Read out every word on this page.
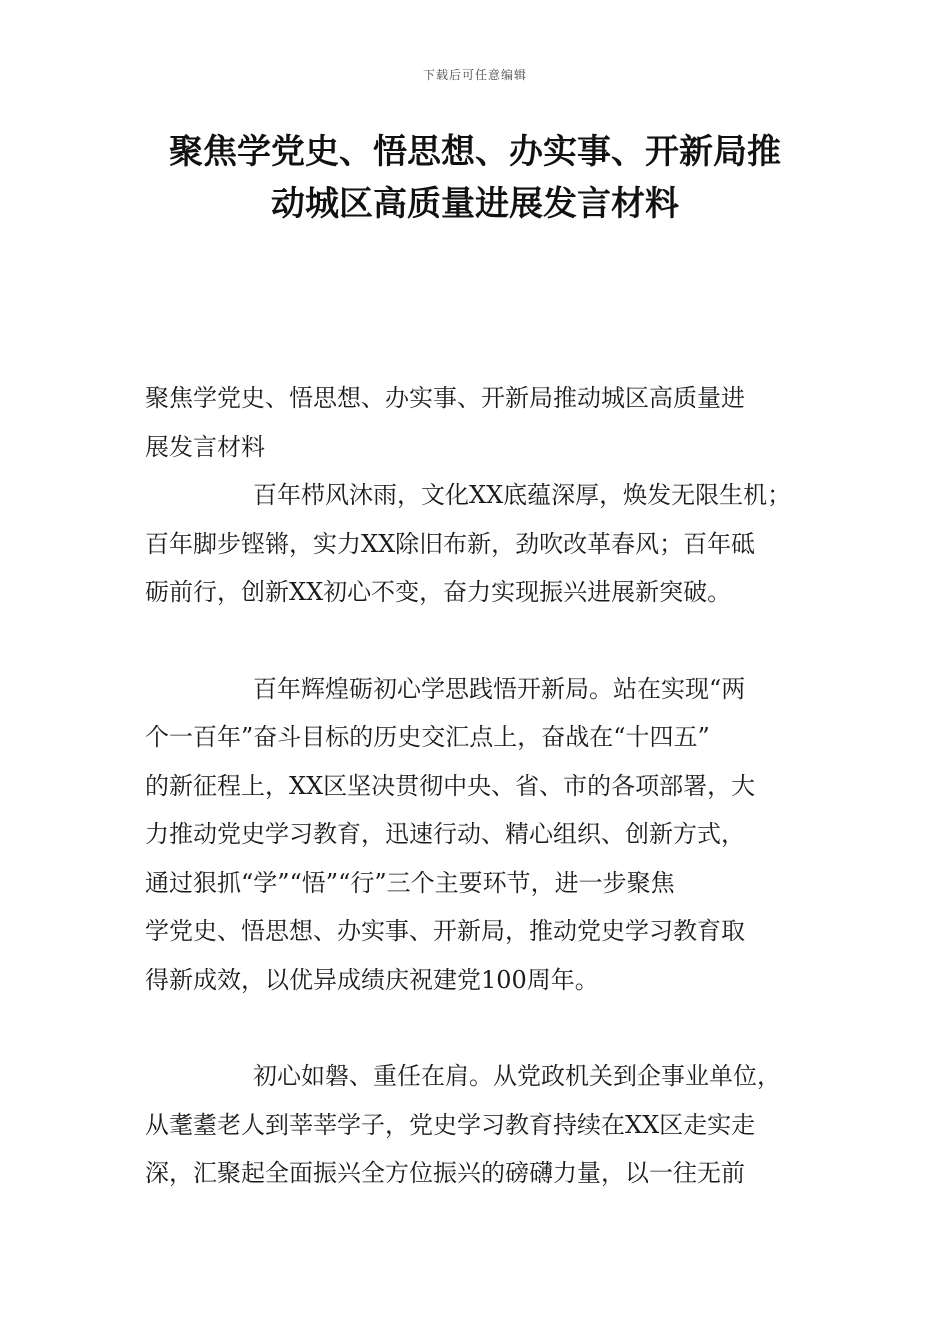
下载后可任意编辑
聚焦学党史、悟思想、办实事、开新局推
动城区高质量进展发言材料

聚焦学党史、悟思想、办实事、开新局推动城区高质量进
展发言材料

百年栉风沐雨，文化XX底蕴深厚，焕发无限生机；
百年脚步铿锵，实力XX除旧布新，劲吹改革春风；百年砥
砺前行，创新XX初心不变，奋力实现振兴进展新突破。

百年辉煌砺初心学思践悟开新局。站在实现“两
个一百年”奋斗目标的历史交汇点上，奋战在“十四五”
的新征程上，XX区坚决贯彻中央、省、市的各项部署，大
力推动党史学习教育，迅速行动、精心组织、创新方式，
通过狠抓“学”“悟”“行”三个主要环节，进一步聚焦
学党史、悟思想、办实事、开新局，推动党史学习教育取
得新成效，以优异成绩庆祝建党100周年。

初心如磐、重任在肩。从党政机关到企事业单位，
从耄耋老人到莘莘学子，党史学习教育持续在XX区走实走
深，汇聚起全面振兴全方位振兴的磅礴力量，以一往无前
